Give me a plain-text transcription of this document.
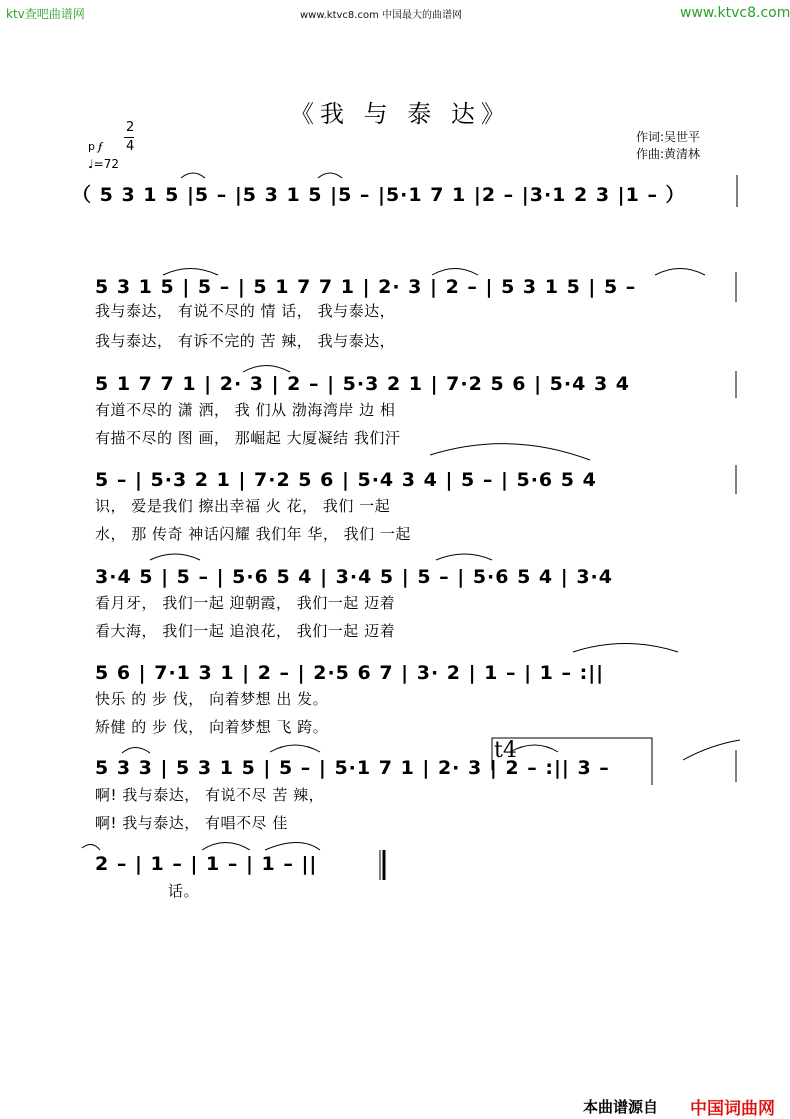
ktv查吧曲谱网	www.ktvc8.com 中国最大的曲谱网	www.ktvc8.com
《我 与 泰 达》
作词:吴世平
作曲:黄清林
2
4
p 𝆑
♩=72
（ 5 3 1 5 |5 – |5 3 1 5 |5 – |5·1 7 1 |2 – |3·1 2 3 |1 – ）
5 3 1 5 | 5 – | 5 1 7 7 1 | 2· 3 | 2 – | 5 3 1 5 | 5 –
我与泰达， 有说不尽的 情 话， 我与泰达，
我与泰达， 有诉不完的 苦 辣， 我与泰达，
5 1 7 7 1 | 2· 3 | 2 – | 5·3 2 1 | 7·2 5 6 | 5·4 3 4
有道不尽的 潇 洒， 我 们从 渤海湾岸 边 相
有描不尽的 图 画， 那崛起 大厦凝结 我们汗
5 – | 5·3 2 1 | 7·2 5 6 | 5·4 3 4 | 5 – | 5·6 5 4
识， 爱是我们 擦出幸福 火 花， 我们 一起
水， 那 传奇 神话闪耀 我们年 华， 我们 一起
3·4 5 | 5 – | 5·6 5 4 | 3·4 5 | 5 – | 5·6 5 4 | 3·4
看月牙， 我们一起 迎朝霞， 我们一起 迈着
看大海， 我们一起 追浪花， 我们一起 迈着
5 6 | 7·1 3 1 | 2 – | 2·5 6 7 | 3· 2 | 1 – | 1 – :||
快乐 的 步 伐， 向着梦想 出 发。
矫健 的 步 伐， 向着梦想 飞 跨。
5 3 3 | 5 3 1 5 | 5 – | 5·1 7 1 | 2· 3 | 2 – :|| 3 –
啊! 我与泰达， 有说不尽 苦 辣，
啊! 我与泰达， 有唱不尽 佳
t4
2 – | 1 – | 1 – | 1 – ||
话。
本曲谱源自 中国词曲网
